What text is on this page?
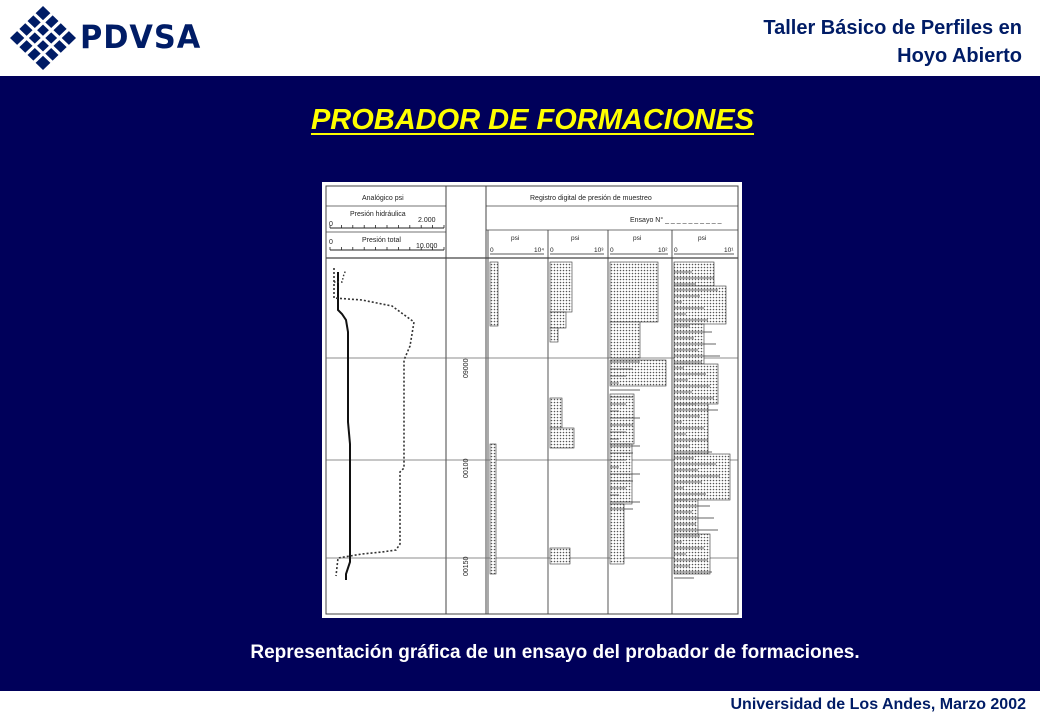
PDVSA	Taller Básico de Perfiles en
Hoyo Abierto
PROBADOR DE FORMACIONES
Analógico psi
Presión hidráulica
0
2.000
0	Presión total
10.000
Registro digital de presión de muestreo
Ensayo N° _ _ _ _ _ _ _ _ _ _
psi
0	10⁴
psi
0	10³
psi
0	10²
psi
0	10¹
09000
00100
00150
Representación gráfica de un ensayo del probador de formaciones.
Universidad de Los Andes, Marzo 2002
